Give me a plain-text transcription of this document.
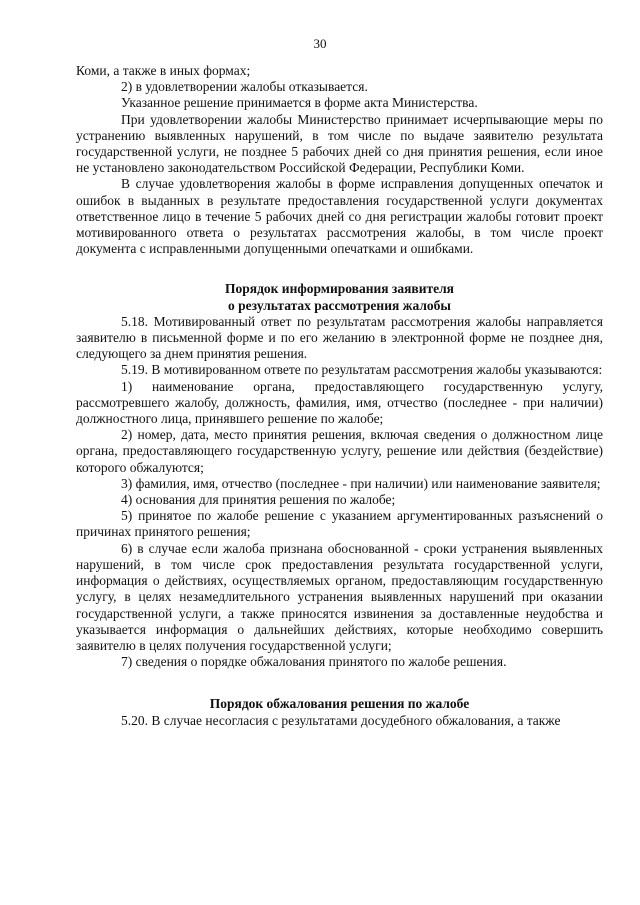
30

Коми, а также в иных формах;

2) в удовлетворении жалобы отказывается.

Указанное решение принимается в форме акта Министерства.

При удовлетворении жалобы Министерство принимает исчерпывающие меры по устранению выявленных нарушений, в том числе по выдаче заявителю результата государственной услуги, не позднее 5 рабочих дней со дня принятия решения, если иное не установлено законодательством Российской Федерации, Республики Коми.

В случае удовлетворения жалобы в форме исправления допущенных опечаток и ошибок в выданных в результате предоставления государственной услуги документах ответственное лицо в течение 5 рабочих дней со дня регистрации жалобы готовит проект мотивированного ответа о результатах рассмотрения жалобы, в том числе проект документа с исправленными допущенными опечатками и ошибками.

Порядок информирования заявителя
о результатах рассмотрения жалобы

5.18. Мотивированный ответ по результатам рассмотрения жалобы направляется заявителю в письменной форме и по его желанию в электронной форме не позднее дня, следующего за днем принятия решения.

5.19. В мотивированном ответе по результатам рассмотрения жалобы указываются:

1) наименование органа, предоставляющего государственную услугу, рассмотревшего жалобу, должность, фамилия, имя, отчество (последнее - при наличии) должностного лица, принявшего решение по жалобе;

2) номер, дата, место принятия решения, включая сведения о должностном лице органа, предоставляющего государственную услугу, решение или действия (бездействие) которого обжалуются;

3) фамилия, имя, отчество (последнее - при наличии) или наименование заявителя;

4) основания для принятия решения по жалобе;

5) принятое по жалобе решение с указанием аргументированных разъяснений о причинах принятого решения;

6) в случае если жалоба признана обоснованной - сроки устранения выявленных нарушений, в том числе срок предоставления результата государственной услуги, информация о действиях, осуществляемых органом, предоставляющим государственную услугу, в целях незамедлительного устранения выявленных нарушений при оказании государственной услуги, а также приносятся извинения за доставленные неудобства и указывается информация о дальнейших действиях, которые необходимо совершить заявителю в целях получения государственной услуги;

7) сведения о порядке обжалования принятого по жалобе решения.

Порядок обжалования решения по жалобе

5.20. В случае несогласия с результатами досудебного обжалования, а также
